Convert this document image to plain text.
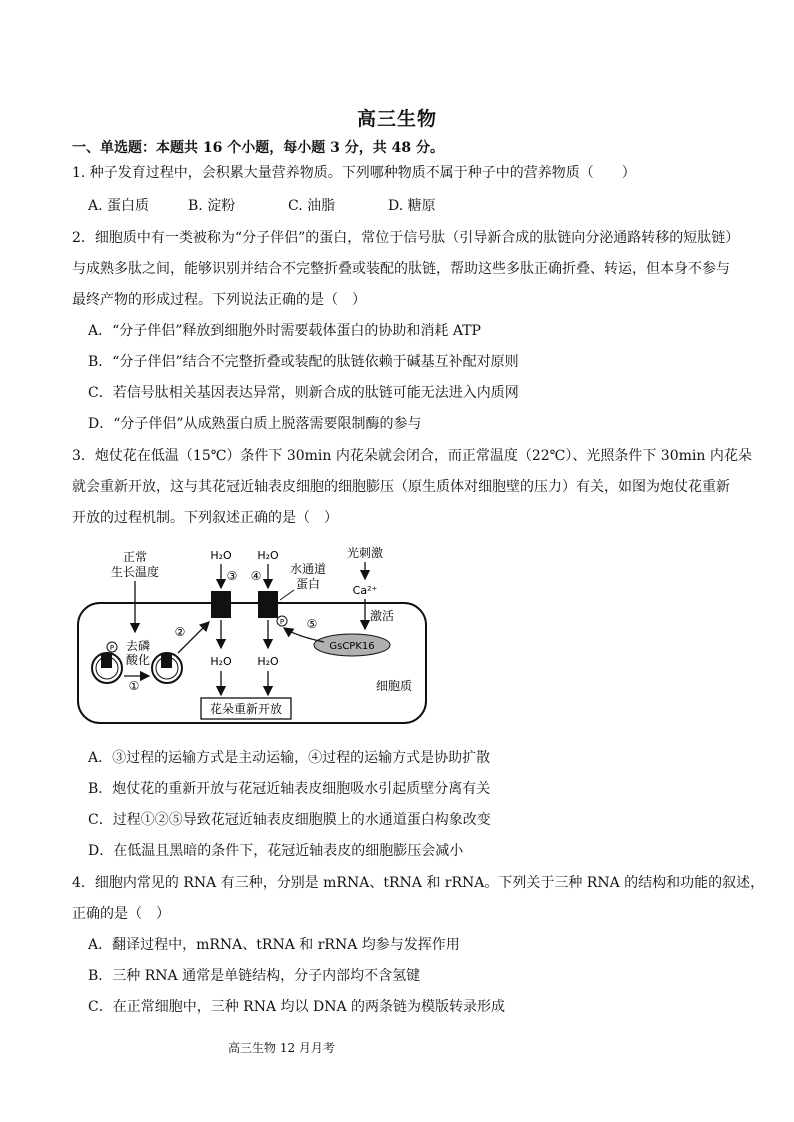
高三生物
一、单选题：本题共 16 个小题，每小题 3 分，共 48 分。
1. 种子发育过程中，会积累大量营养物质。下列哪种物质不属于种子中的营养物质（　　）
A. 蛋白质	B. 淀粉	C. 油脂	D. 糖原
2．细胞质中有一类被称为“分子伴侣”的蛋白，常位于信号肽（引导新合成的肽链向分泌通路转移的短肽链）
与成熟多肽之间，能够识别并结合不完整折叠或装配的肽链，帮助这些多肽正确折叠、转运，但本身不参与
最终产物的形成过程。下列说法正确的是（　）
A．“分子伴侣”释放到细胞外时需要载体蛋白的协助和消耗 ATP
B．“分子伴侣”结合不完整折叠或装配的肽链依赖于碱基互补配对原则
C．若信号肽相关基因表达异常，则新合成的肽链可能无法进入内质网
D．“分子伴侣”从成熟蛋白质上脱落需要限制酶的参与
3．炮仗花在低温（15℃）条件下 30min 内花朵就会闭合，而正常温度（22℃）、光照条件下 30min 内花朵
就会重新开放，这与其花冠近轴表皮细胞的细胞膨压（原生质体对细胞壁的压力）有关，如图为炮仗花重新
开放的过程机制。下列叙述正确的是（　）
正常
生长温度
P
①
去磷
酸化
②
H₂O
③
H₂O
H₂O
④
P
H₂O
水通道
蛋白
光刺激
Ca²⁺
激活
GsCPK16
⑤
细胞质
花朵重新开放
A．③过程的运输方式是主动运输，④过程的运输方式是协助扩散
B．炮仗花的重新开放与花冠近轴表皮细胞吸水引起质壁分离有关
C．过程①②⑤导致花冠近轴表皮细胞膜上的水通道蛋白构象改变
D．在低温且黑暗的条件下，花冠近轴表皮的细胞膨压会减小
4．细胞内常见的 RNA 有三种，分别是 mRNA、tRNA 和 rRNA。下列关于三种 RNA 的结构和功能的叙述，
正确的是（　）
A．翻译过程中，mRNA、tRNA 和 rRNA 均参与发挥作用
B．三种 RNA 通常是单链结构，分子内部均不含氢键
C．在正常细胞中，三种 RNA 均以 DNA 的两条链为模版转录形成
高三生物 12 月月考
